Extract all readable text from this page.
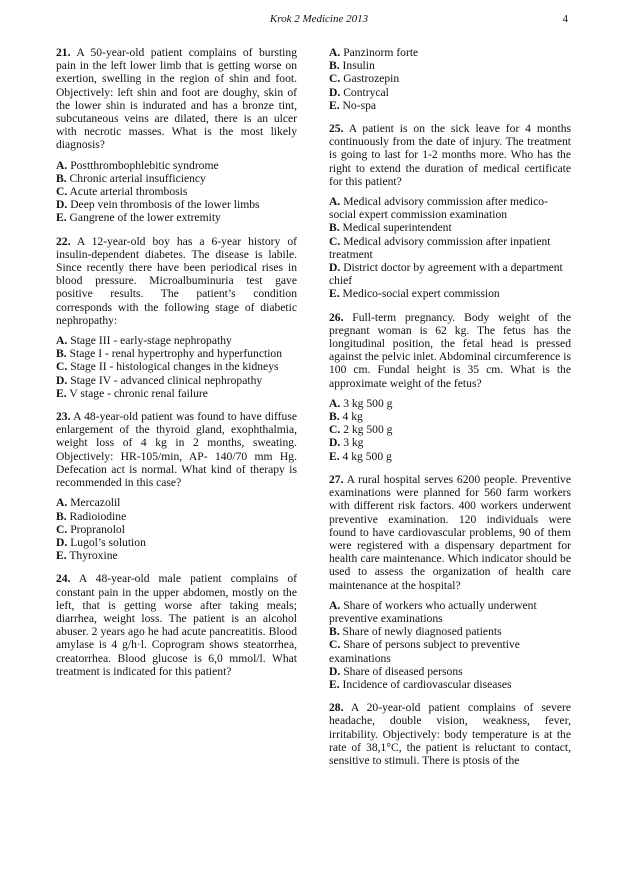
Krok 2 Medicine 2013	4

21. A 50-year-old patient complains of bursting pain in the left lower limb that is getting worse on exertion, swelling in the region of shin and foot. Objectively: left shin and foot are doughy, skin of the lower shin is indurated and has a bronze tint, subcutaneous veins are dilated, there is an ulcer with necrotic masses. What is the most likely diagnosis?

A. Postthrombophlebitic syndrome
B. Chronic arterial insufficiency
C. Acute arterial thrombosis
D. Deep vein thrombosis of the lower limbs
E. Gangrene of the lower extremity

22. A 12-year-old boy has a 6-year history of insulin-dependent diabetes. The disease is labile. Since recently there have been periodical rises in blood pressure. Microalbuminuria test gave positive results. The patient’s condition corresponds with the following stage of diabetic nephropathy:

A. Stage III - early-stage nephropathy
B. Stage I - renal hypertrophy and hyperfunction
C. Stage II - histological changes in the kidneys
D. Stage IV - advanced clinical nephropathy
E. V stage - chronic renal failure

23. A 48-year-old patient was found to have diffuse enlargement of the thyroid gland, exophthalmia, weight loss of 4 kg in 2 months, sweating. Objectively: HR-105/min, AP- 140/70 mm Hg. Defecation act is normal. What kind of therapy is recommended in this case?

A. Mercazolil
B. Radioiodine
C. Propranolol
D. Lugol’s solution
E. Thyroxine

24. A 48-year-old male patient complains of constant pain in the upper abdomen, mostly on the left, that is getting worse after taking meals; diarrhea, weight loss. The patient is an alcohol abuser. 2 years ago he had acute pancreatitis. Blood amylase is 4 g/h·l. Coprogram shows steatorrhea, creatorrhea. Blood glucose is 6,0 mmol/l. What treatment is indicated for this patient?

A. Panzinorm forte
B. Insulin
C. Gastrozepin
D. Contrycal
E. No-spa

25. A patient is on the sick leave for 4 months continuously from the date of injury. The treatment is going to last for 1-2 months more. Who has the right to extend the duration of medical certificate for this patient?

A. Medical advisory commission after medico-social expert commission examination
B. Medical superintendent
C. Medical advisory commission after inpatient treatment
D. District doctor by agreement with a department chief
E. Medico-social expert commission

26. Full-term pregnancy. Body weight of the pregnant woman is 62 kg. The fetus has the longitudinal position, the fetal head is pressed against the pelvic inlet. Abdominal circumference is 100 cm. Fundal height is 35 cm. What is the approximate weight of the fetus?

A. 3 kg 500 g
B. 4 kg
C. 2 kg 500 g
D. 3 kg
E. 4 kg 500 g

27. A rural hospital serves 6200 people. Preventive examinations were planned for 560 farm workers with different risk factors. 400 workers underwent preventive examination. 120 individuals were found to have cardiovascular problems, 90 of them were registered with a dispensary department for health care maintenance. Which indicator should be used to assess the organization of health care maintenance at the hospital?

A. Share of workers who actually underwent preventive examinations
B. Share of newly diagnosed patients
C. Share of persons subject to preventive examinations
D. Share of diseased persons
E. Incidence of cardiovascular diseases

28. A 20-year-old patient complains of severe headache, double vision, weakness, fever, irritability. Objectively: body temperature is at the rate of 38,1°C, the patient is reluctant to contact, sensitive to stimuli. There is ptosis of the
